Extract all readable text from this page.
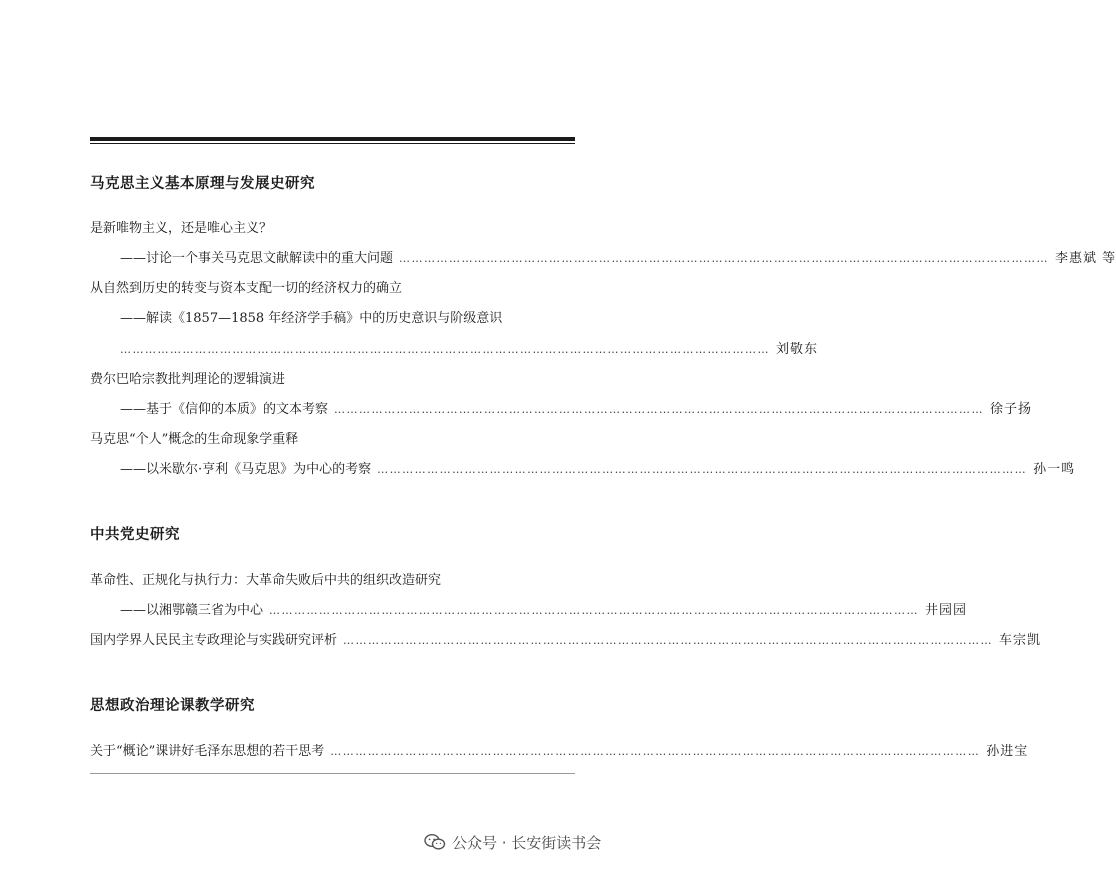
马克思主义基本原理与发展史研究
是新唯物主义，还是唯心主义？
——讨论一个事关马克思文献解读中的重大问题 ………………………………………………………………………………………………………………………………………… 李惠斌 等
从自然到历史的转变与资本支配一切的经济权力的确立
——解读《1857—1858 年经济学手稿》中的历史意识与阶级意识
………………………………………………………………………………………………………………………………………… 刘敬东
费尔巴哈宗教批判理论的逻辑演进
——基于《信仰的本质》的文本考察 ………………………………………………………………………………………………………………………………………… 徐子扬
马克思“个人”概念的生命现象学重释
——以米歇尔·亨利《马克思》为中心的考察 ………………………………………………………………………………………………………………………………………… 孙一鸣
中共党史研究
革命性、正规化与执行力：大革命失败后中共的组织改造研究
——以湘鄂赣三省为中心 ………………………………………………………………………………………………………………………………………… 井园园
国内学界人民民主专政理论与实践研究评析 ………………………………………………………………………………………………………………………………………… 车宗凯
思想政治理论课教学研究
关于“概论”课讲好毛泽东思想的若干思考 ………………………………………………………………………………………………………………………………………… 孙进宝
公众号 · 长安街读书会
